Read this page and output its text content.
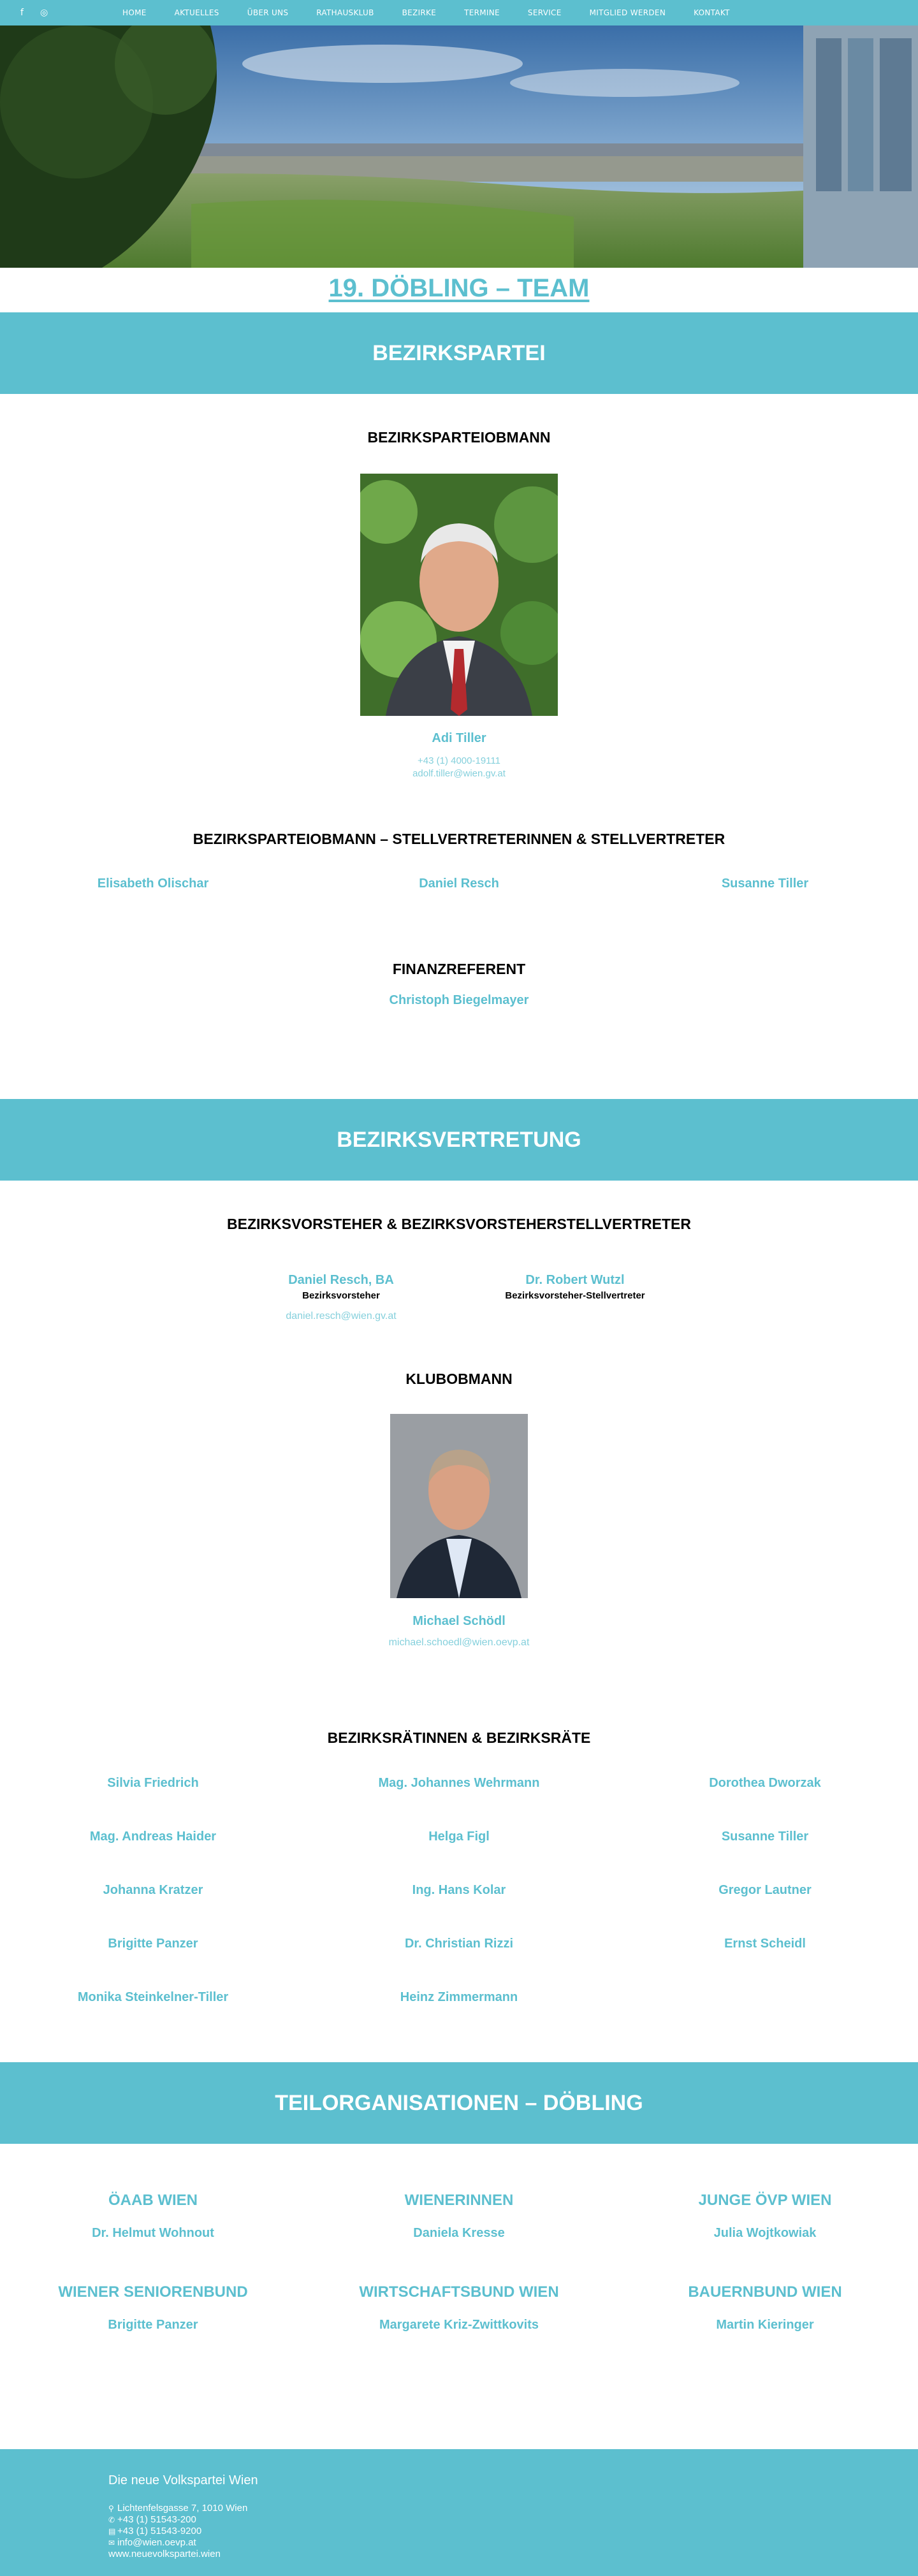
f ◎	HOME	AKTUELLES	ÜBER UNS	RATHAUSKLUB	BEZIRKE	TERMINE	SERVICE	MITGLIED WERDEN	KONTAKT
19. DÖBLING – TEAM
BEZIRKSPARTEI
BEZIRKSPARTEIOBMANN
Adi Tiller
+43 (1) 4000-19111
adolf.tiller@wien.gv.at
BEZIRKSPARTEIOBMANN – STELLVERTRETERINNEN & STELLVERTRETER
Elisabeth Olischar	Daniel Resch	Susanne Tiller
FINANZREFERENT
Christoph Biegelmayer
BEZIRKSVERTRETUNG
BEZIRKSVORSTEHER & BEZIRKSVORSTEHERSTELLVERTRETER
Daniel Resch, BA
Bezirksvorsteher
daniel.resch@wien.gv.at
Dr. Robert Wutzl
Bezirksvorsteher-Stellvertreter
KLUBOBMANN
Michael Schödl
michael.schoedl@wien.oevp.at
BEZIRKSRÄTINNEN & BEZIRKSRÄTE
Silvia Friedrich	Mag. Johannes Wehrmann	Dorothea Dworzak
Mag. Andreas Haider	Helga Figl	Susanne Tiller
Johanna Kratzer	Ing. Hans Kolar	Gregor Lautner
Brigitte Panzer	Dr. Christian Rizzi	Ernst Scheidl
Monika Steinkelner-Tiller	Heinz Zimmermann
TEILORGANISATIONEN – DÖBLING
ÖAAB WIEN
Dr. Helmut Wohnout
WIENERINNEN
Daniela Kresse
JUNGE ÖVP WIEN
Julia Wojtkowiak
WIENER SENIORENBUND
Brigitte Panzer
WIRTSCHAFTSBUND WIEN
Margarete Kriz-Zwittkovits
BAUERNBUND WIEN
Martin Kieringer
Die neue Volkspartei Wien
⚲ Lichtenfelsgasse 7, 1010 Wien
✆ +43 (1) 51543-200
▤ +43 (1) 51543-9200
✉ info@wien.oevp.at
www.neuevolkspartei.wien
